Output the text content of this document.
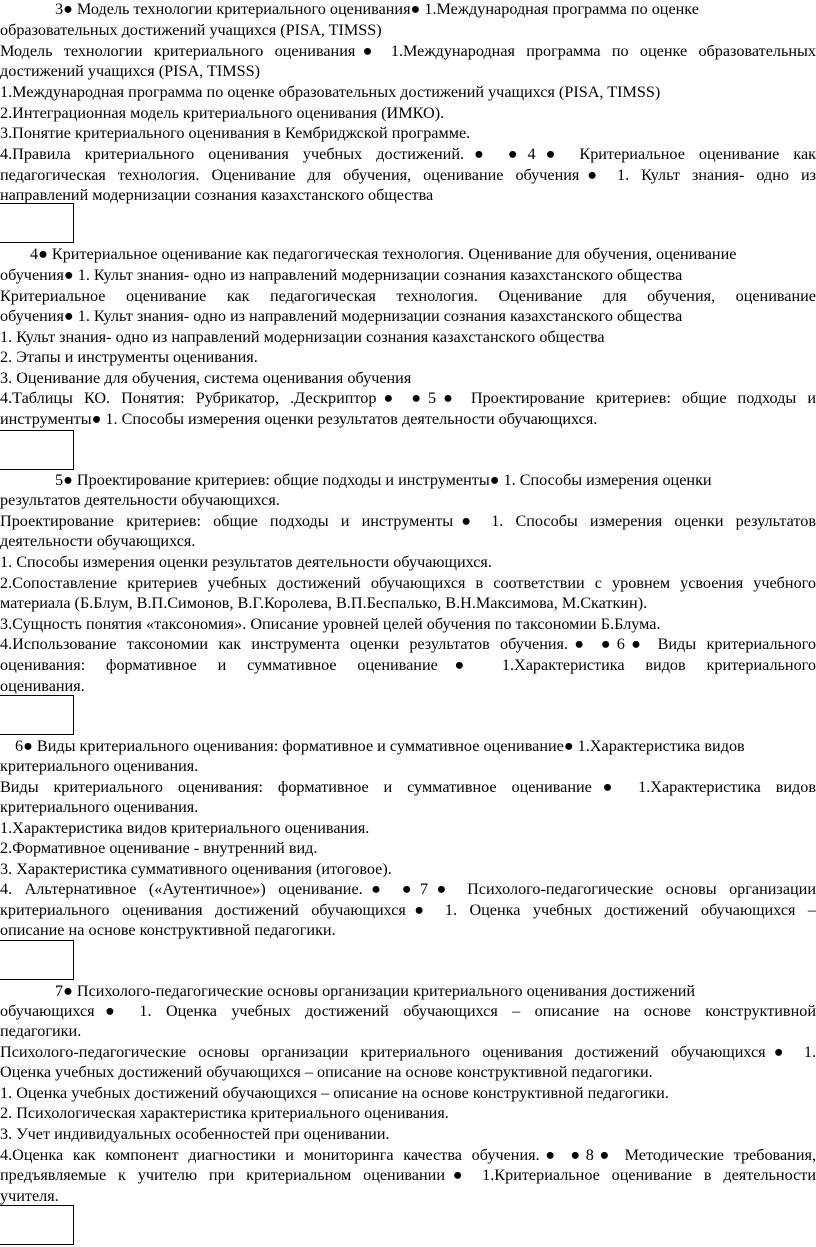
3● Модель технологии критериального оценивания● 1.Международная программа по оценке
образовательных достижений учащихся (PISA, TIMSS)
Модель технологии критериального оценивания● 1.Международная программа по оценке образовательных
достижений учащихся (PISA, TIMSS)
1.Международная программа по оценке образовательных достижений учащихся (PISA, TIMSS)
2.Интеграционная модель критериального оценивания (ИМКО).
3.Понятие критериального оценивания в Кембриджской программе.
4.Правила критериального оценивания учебных достижений.● ●4● Критериальное оценивание как
педагогическая технология. Оценивание для обучения, оценивание обучения● 1. Культ знания- одно из
направлений модернизации сознания казахстанского общества
4● Критериальное оценивание как педагогическая технология. Оценивание для обучения, оценивание
обучения● 1. Культ знания- одно из направлений модернизации сознания казахстанского общества
Критериальное оценивание как педагогическая технология. Оценивание для обучения, оценивание
обучения● 1. Культ знания- одно из направлений модернизации сознания казахстанского общества
1. Культ знания- одно из направлений модернизации сознания казахстанского общества
2. Этапы и инструменты оценивания.
3. Оценивание для обучения, система оценивания обучения
4.Таблицы КО. Понятия: Рубрикатор, .Дескриптор● ●5● Проектирование критериев: общие подходы и
инструменты● 1. Способы измерения оценки результатов деятельности обучающихся.
5● Проектирование критериев: общие подходы и инструменты● 1. Способы измерения оценки
результатов деятельности обучающихся.
Проектирование критериев: общие подходы и инструменты● 1. Способы измерения оценки результатов
деятельности обучающихся.
1. Способы измерения оценки результатов деятельности обучающихся.
2.Сопоставление критериев учебных достижений обучающихся в соответствии с уровнем усвоения учебного
материала (Б.Блум, В.П.Симонов, В.Г.Королева, В.П.Беспалько, В.Н.Максимова, М.Скаткин).
3.Сущность понятия «таксономия». Описание уровней целей обучения по таксономии Б.Блума.
4.Использование таксономии как инструмента оценки результатов обучения.● ●6● Виды критериального
оценивания: формативное и суммативное оценивание● 1.Характеристика видов критериального
оценивания.
6● Виды критериального оценивания: формативное и суммативное оценивание● 1.Характеристика видов
критериального оценивания.
Виды критериального оценивания: формативное и суммативное оценивание● 1.Характеристика видов
критериального оценивания.
1.Характеристика видов критериального оценивания.
2.Формативное оценивание - внутренний вид.
3. Характеристика суммативного оценивания (итоговое).
4. Альтернативное («Аутентичное») оценивание.● ●7● Психолого-педагогические основы организации
критериального оценивания достижений обучающихся● 1. Оценка учебных достижений обучающихся –
описание на основе конструктивной педагогики.
7● Психолого-педагогические основы организации критериального оценивания достижений
обучающихся● 1. Оценка учебных достижений обучающихся – описание на основе конструктивной
педагогики.
Психолого-педагогические основы организации критериального оценивания достижений обучающихся● 1.
Оценка учебных достижений обучающихся – описание на основе конструктивной педагогики.
1. Оценка учебных достижений обучающихся – описание на основе конструктивной педагогики.
2. Психологическая характеристика критериального оценивания.
3. Учет индивидуальных особенностей при оценивании.
4.Оценка как компонент диагностики и мониторинга качества обучения.● ●8● Методические требования,
предъявляемые к учителю при критериальном оценивании● 1.Критериальное оценивание в деятельности
учителя.
